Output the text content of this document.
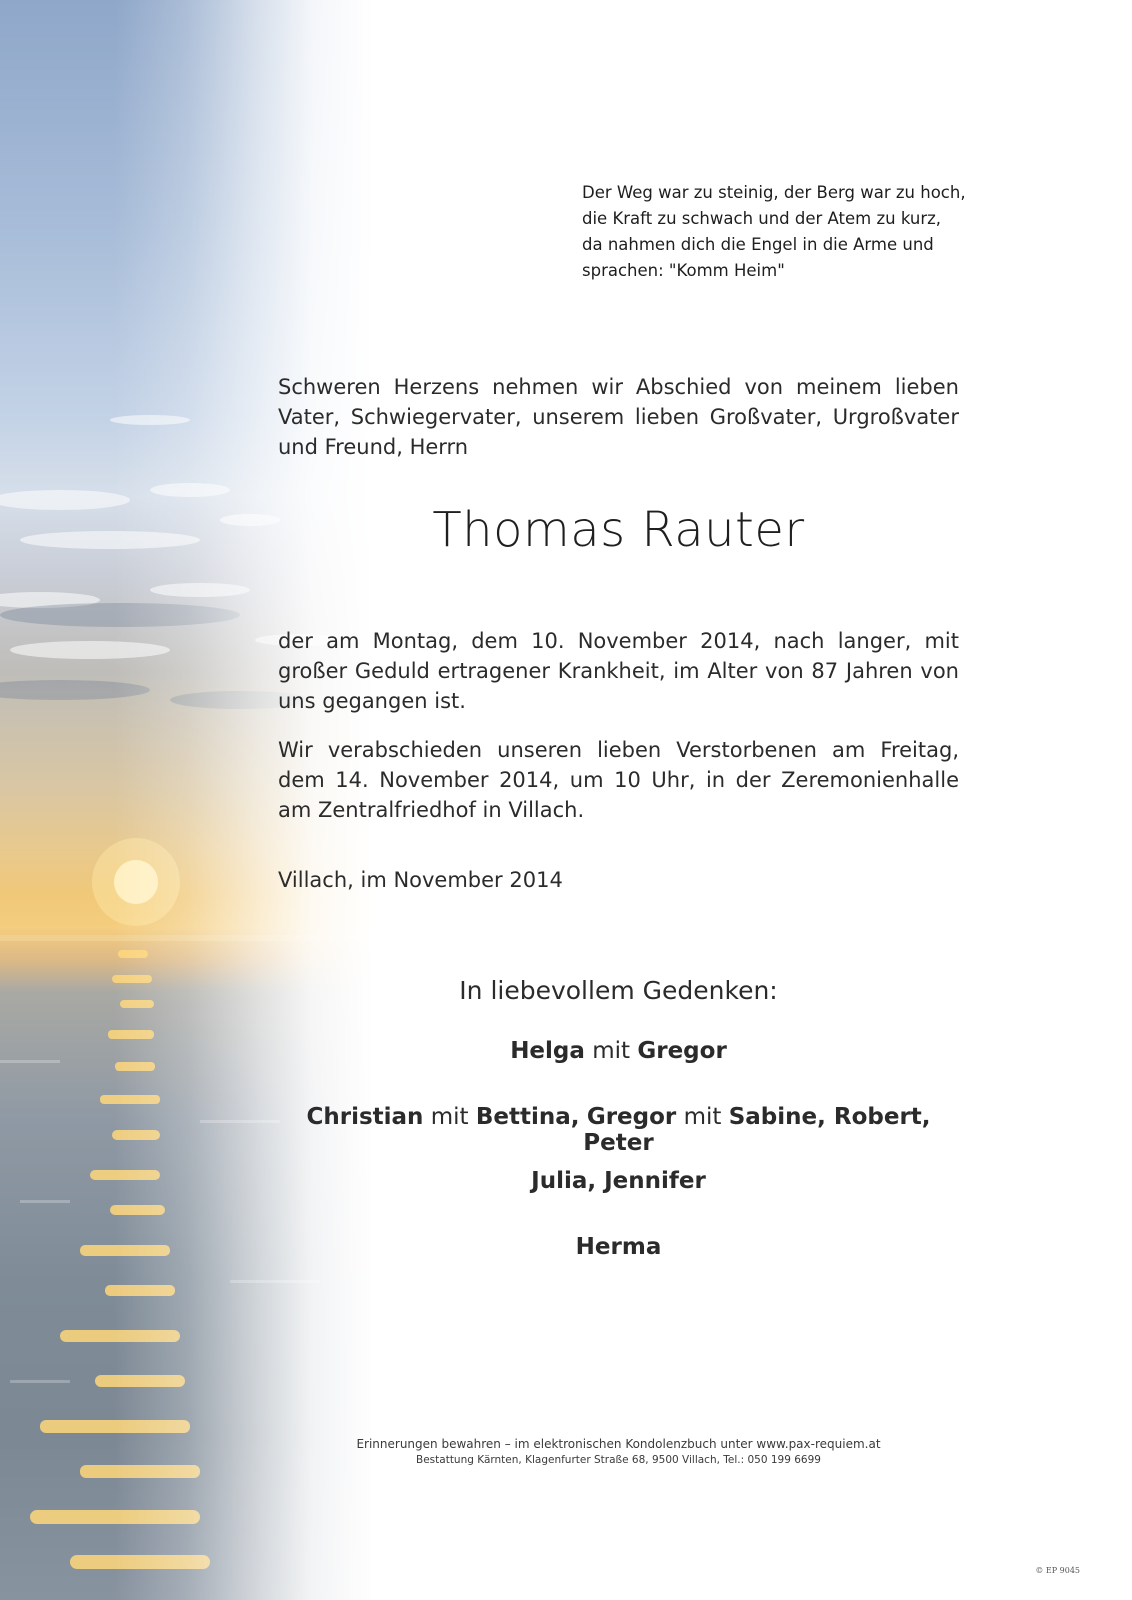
Der Weg war zu steinig, der Berg war zu hoch,
die Kraft zu schwach und der Atem zu kurz,
da nahmen dich die Engel in die Arme und
sprachen: "Komm Heim"
Schweren Herzens nehmen wir Abschied von meinem lieben Vater, Schwiegervater, unserem lieben Großvater, Urgroßvater und Freund, Herrn
Thomas Rauter
der am Montag, dem 10. November 2014, nach langer, mit großer Geduld ertragener Krankheit, im Alter von 87 Jahren von uns gegangen ist.
Wir verabschieden unseren lieben Verstorbenen am Freitag, dem 14. November 2014, um 10 Uhr, in der Zeremonienhalle am Zentralfriedhof in Villach.
Villach, im November 2014
In liebevollem Gedenken:
Helga mit Gregor
Christian mit Bettina, Gregor mit Sabine, Robert, Peter
Julia, Jennifer
Herma
Erinnerungen bewahren – im elektronischen Kondolenzbuch unter www.pax-requiem.at
Bestattung Kärnten, Klagenfurter Straße 68, 9500 Villach, Tel.: 050 199 6699
© EP 9045
